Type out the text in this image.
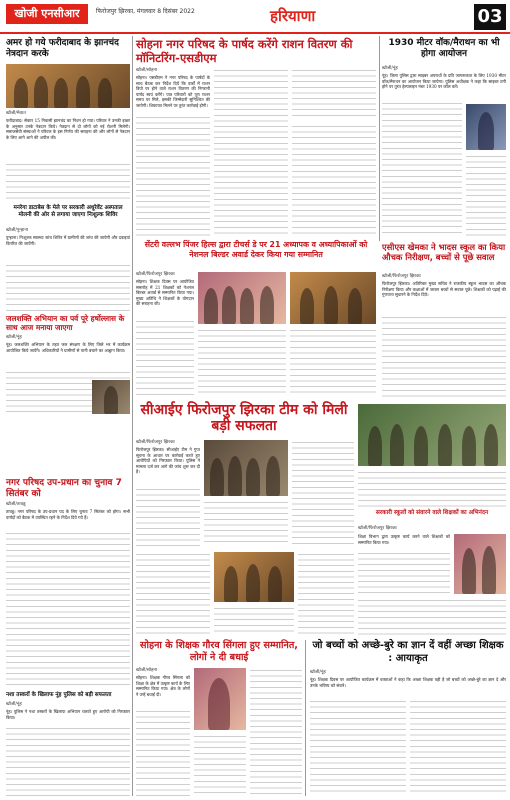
खोजी एनसीआर	फिरोजपुर झिरका, मंगलवार 8 दिसंबर 2022	हरियाणा	03
अमर हो गये फरीदाबाद के झानचंद नेत्रदान करके
खोजी/मेवात
फरीदाबाद। सेक्टर 15 निवासी झानचंद का निधन हो गया। परिवार ने उनकी इच्छा के अनुसार उनके नेत्रदान किये। नेत्रदान से दो लोगों को नई रोशनी मिलेगी। समाजसेवी संस्थाओं ने परिवार के इस निर्णय की सराहना की और लोगों से नेत्रदान के लिए आगे आने की अपील की।
मनरेगा डाटाबेस के मेले पर सरकारी अधूरेवेंट अस्पताल मोलनी की ओर से लगाया जाएगा निःशुल्क शिविर
खोजी/पुन्हाना
पुन्हाना। निःशुल्क स्वास्थ्य जांच शिविर में ग्रामीणों की जांच की जायेगी और दवाइयां वितरित की जायेंगी।
जलशक्ति अभियान का पर्व पूरे हर्षोल्लास के साथ आज मनाया जाएगा
खोजी/नूंह
नूंह। जलशक्ति अभियान के तहत जल संरक्षण के लिए जिले भर में कार्यक्रम आयोजित किये जायेंगे। अधिकारियों ने ग्रामीणों से पानी बचाने का आह्वान किया।
नगर परिषद उप-प्रधान का चुनाव 7 सितंबर को
खोजी/तावडू
तावडू। नगर परिषद के उप-प्रधान पद के लिए चुनाव 7 सितंबर को होगा। सभी पार्षदों को बैठक में उपस्थित रहने के निर्देश दिये गये हैं।
नशा तस्करों के खिलाफ नूंह पुलिस को बड़ी सफलता
खोजी/नूंह
नूंह। पुलिस ने नशा तस्करों के खिलाफ अभियान चलाते हुए आरोपी को गिरफ्तार किया।
सोहना नगर परिषद के पार्षद करेंगे राशन वितरण की मॉनिटरिंग-एसडीएम
खोजी/सोहना
सोहना। एसडीएम ने नगर परिषद के पार्षदों के साथ बैठक कर निर्देश दिये कि वार्डों में राशन डिपो पर होने वाले राशन वितरण की निगरानी पार्षद स्वयं करेंगे। पात्र परिवारों को पूरा राशन समय पर मिले, इसकी जिम्मेदारी सुनिश्चित की जायेगी। शिकायत मिलने पर तुरंत कार्रवाई होगी।
सेंटरी वल्लभ पिंजर हिल्स द्वारा टीचर्स डे पर 21 अध्यापक व अध्यापिकाओं को नेशनल बिल्डर अवार्ड देकर किया गया सम्मानित
खोजी/फिरोजपुर झिरका
सोहना। शिक्षक दिवस पर आयोजित समारोह में 21 शिक्षकों को नेशनल बिल्डर अवार्ड से सम्मानित किया गया। मुख्य अतिथि ने शिक्षकों के योगदान की सराहना की।
1930 मीटर वॉक/मैराथन का भी होगा आयोजन
खोजी/नूंह
नूंह। जिला पुलिस द्वारा साइबर अपराधों के प्रति जागरूकता के लिए 1930 मीटर वॉक/मैराथन का आयोजन किया जायेगा। पुलिस अधीक्षक ने कहा कि साइबर ठगी होने पर तुरंत हेल्पलाइन नंबर 1930 पर कॉल करें।
एसीएस खेमका ने भादस स्कूल का किया औचक निरीक्षण, बच्चों से पूछे सवाल
खोजी/फिरोजपुर झिरका
फिरोजपुर झिरका। अतिरिक्त मुख्य सचिव ने राजकीय स्कूल भादस का औचक निरीक्षण किया और कक्षाओं में जाकर बच्चों से सवाल पूछे। शिक्षकों को पढ़ाई की गुणवत्ता सुधारने के निर्देश दिये।
सीआईए फिरोजपुर झिरका टीम को मिली बड़ी सफलता
खोजी/फिरोजपुर झिरका
फिरोजपुर झिरका। सीआईए टीम ने गुप्त सूचना के आधार पर कार्रवाई करते हुए आरोपियों को गिरफ्तार किया। पुलिस ने मामला दर्ज कर आगे की जांच शुरू कर दी है।
सरकारी स्कूलों को संवारने वाले शिक्षकों का अभिनंदन
खोजी/फिरोजपुर झिरका
शिक्षा विभाग द्वारा उत्कृष्ट कार्य करने वाले शिक्षकों को सम्मानित किया गया।
सोहना के शिक्षक गौरव सिंगला हुए सम्मानित, लोगों ने दी बधाई
खोजी/सोहना
सोहना। शिक्षक गौरव सिंगला को शिक्षा के क्षेत्र में उत्कृष्ट कार्य के लिए सम्मानित किया गया। क्षेत्र के लोगों ने उन्हें बधाई दी।
जो बच्चों को अच्छे-बुरे का ज्ञान दें वहीं अच्छा शिक्षक : आयाकृत
खोजी/नूंह
नूंह। शिक्षक दिवस पर आयोजित कार्यक्रम में वक्ताओं ने कहा कि अच्छा शिक्षक वही है जो बच्चों को अच्छे-बुरे का ज्ञान दे और उनके भविष्य को संवारे।
